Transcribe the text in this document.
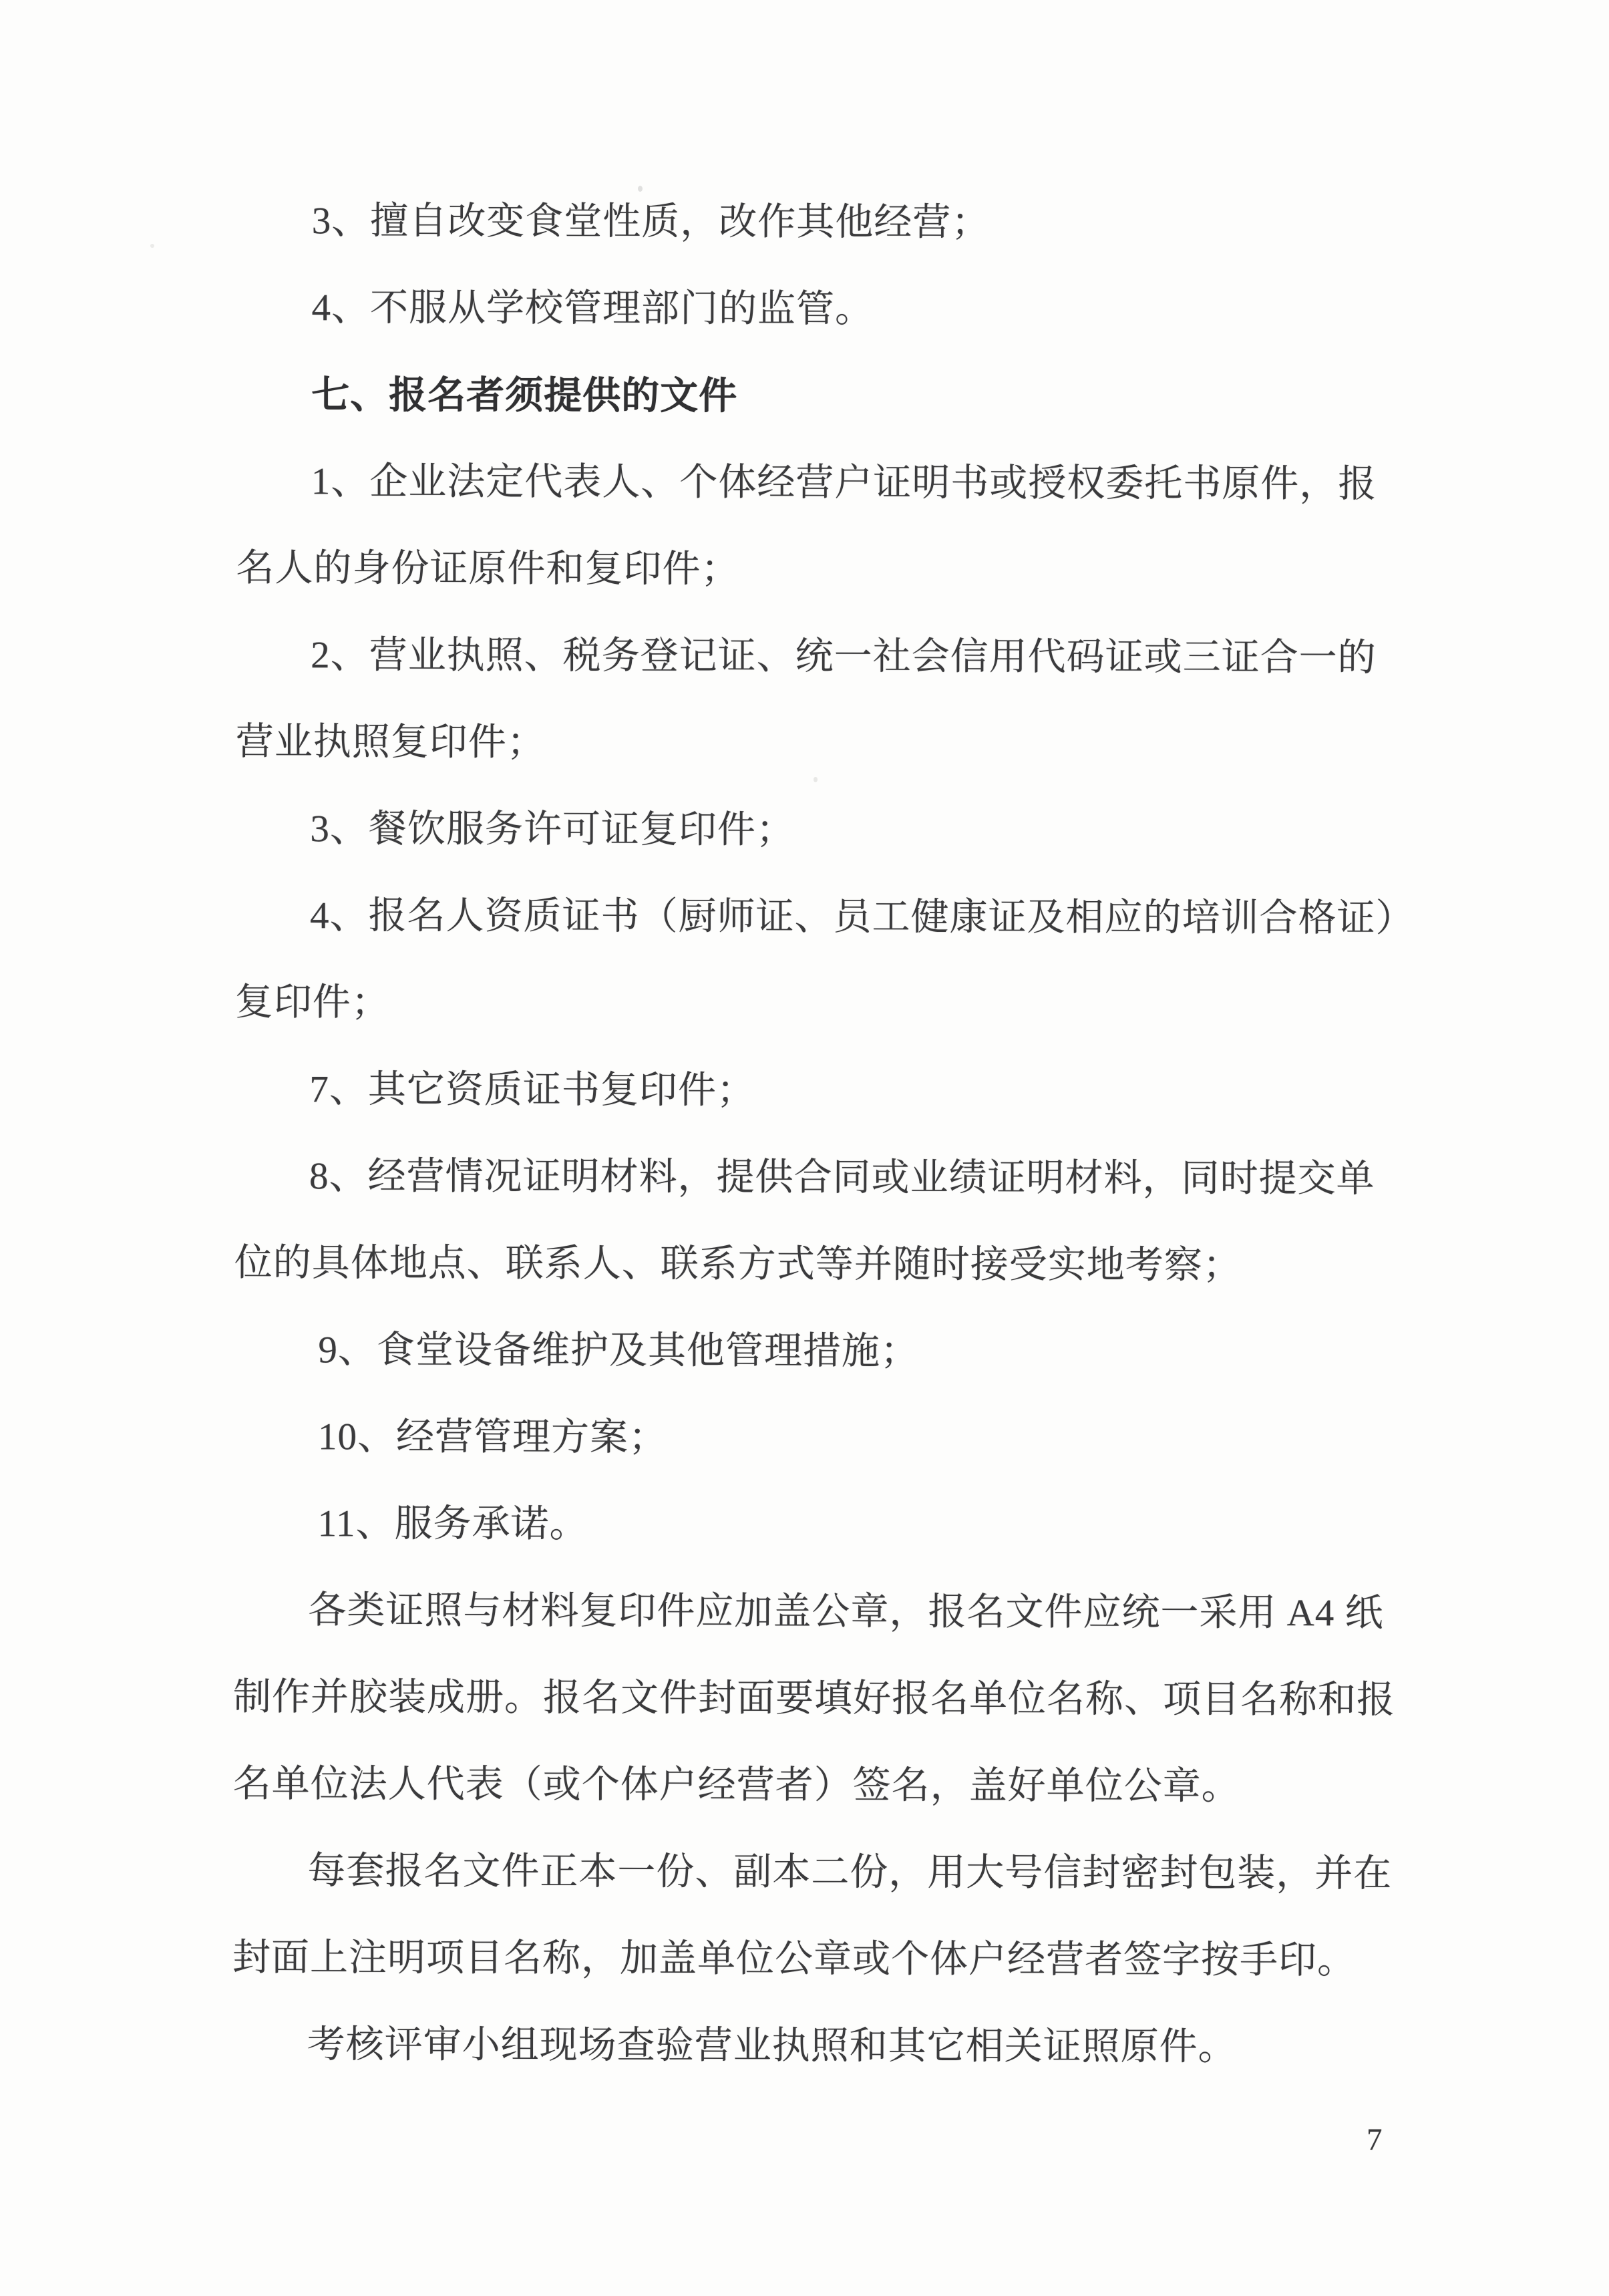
3、擅自改变食堂性质，改作其他经营；
4、不服从学校管理部门的监管。
七、报名者须提供的文件
1、企业法定代表人、个体经营户证明书或授权委托书原件，报
名人的身份证原件和复印件；
2、营业执照、税务登记证、统一社会信用代码证或三证合一的
营业执照复印件；
3、餐饮服务许可证复印件；
4、报名人资质证书（厨师证、员工健康证及相应的培训合格证）
复印件；
7、其它资质证书复印件；
8、经营情况证明材料，提供合同或业绩证明材料，同时提交单
位的具体地点、联系人、联系方式等并随时接受实地考察；
9、食堂设备维护及其他管理措施；
10、经营管理方案；
11、服务承诺。
各类证照与材料复印件应加盖公章，报名文件应统一采用 A4 纸
制作并胶装成册。报名文件封面要填好报名单位名称、项目名称和报
名单位法人代表（或个体户经营者）签名，盖好单位公章。
每套报名文件正本一份、副本二份，用大号信封密封包装，并在
封面上注明项目名称，加盖单位公章或个体户经营者签字按手印。
考核评审小组现场查验营业执照和其它相关证照原件。
7
